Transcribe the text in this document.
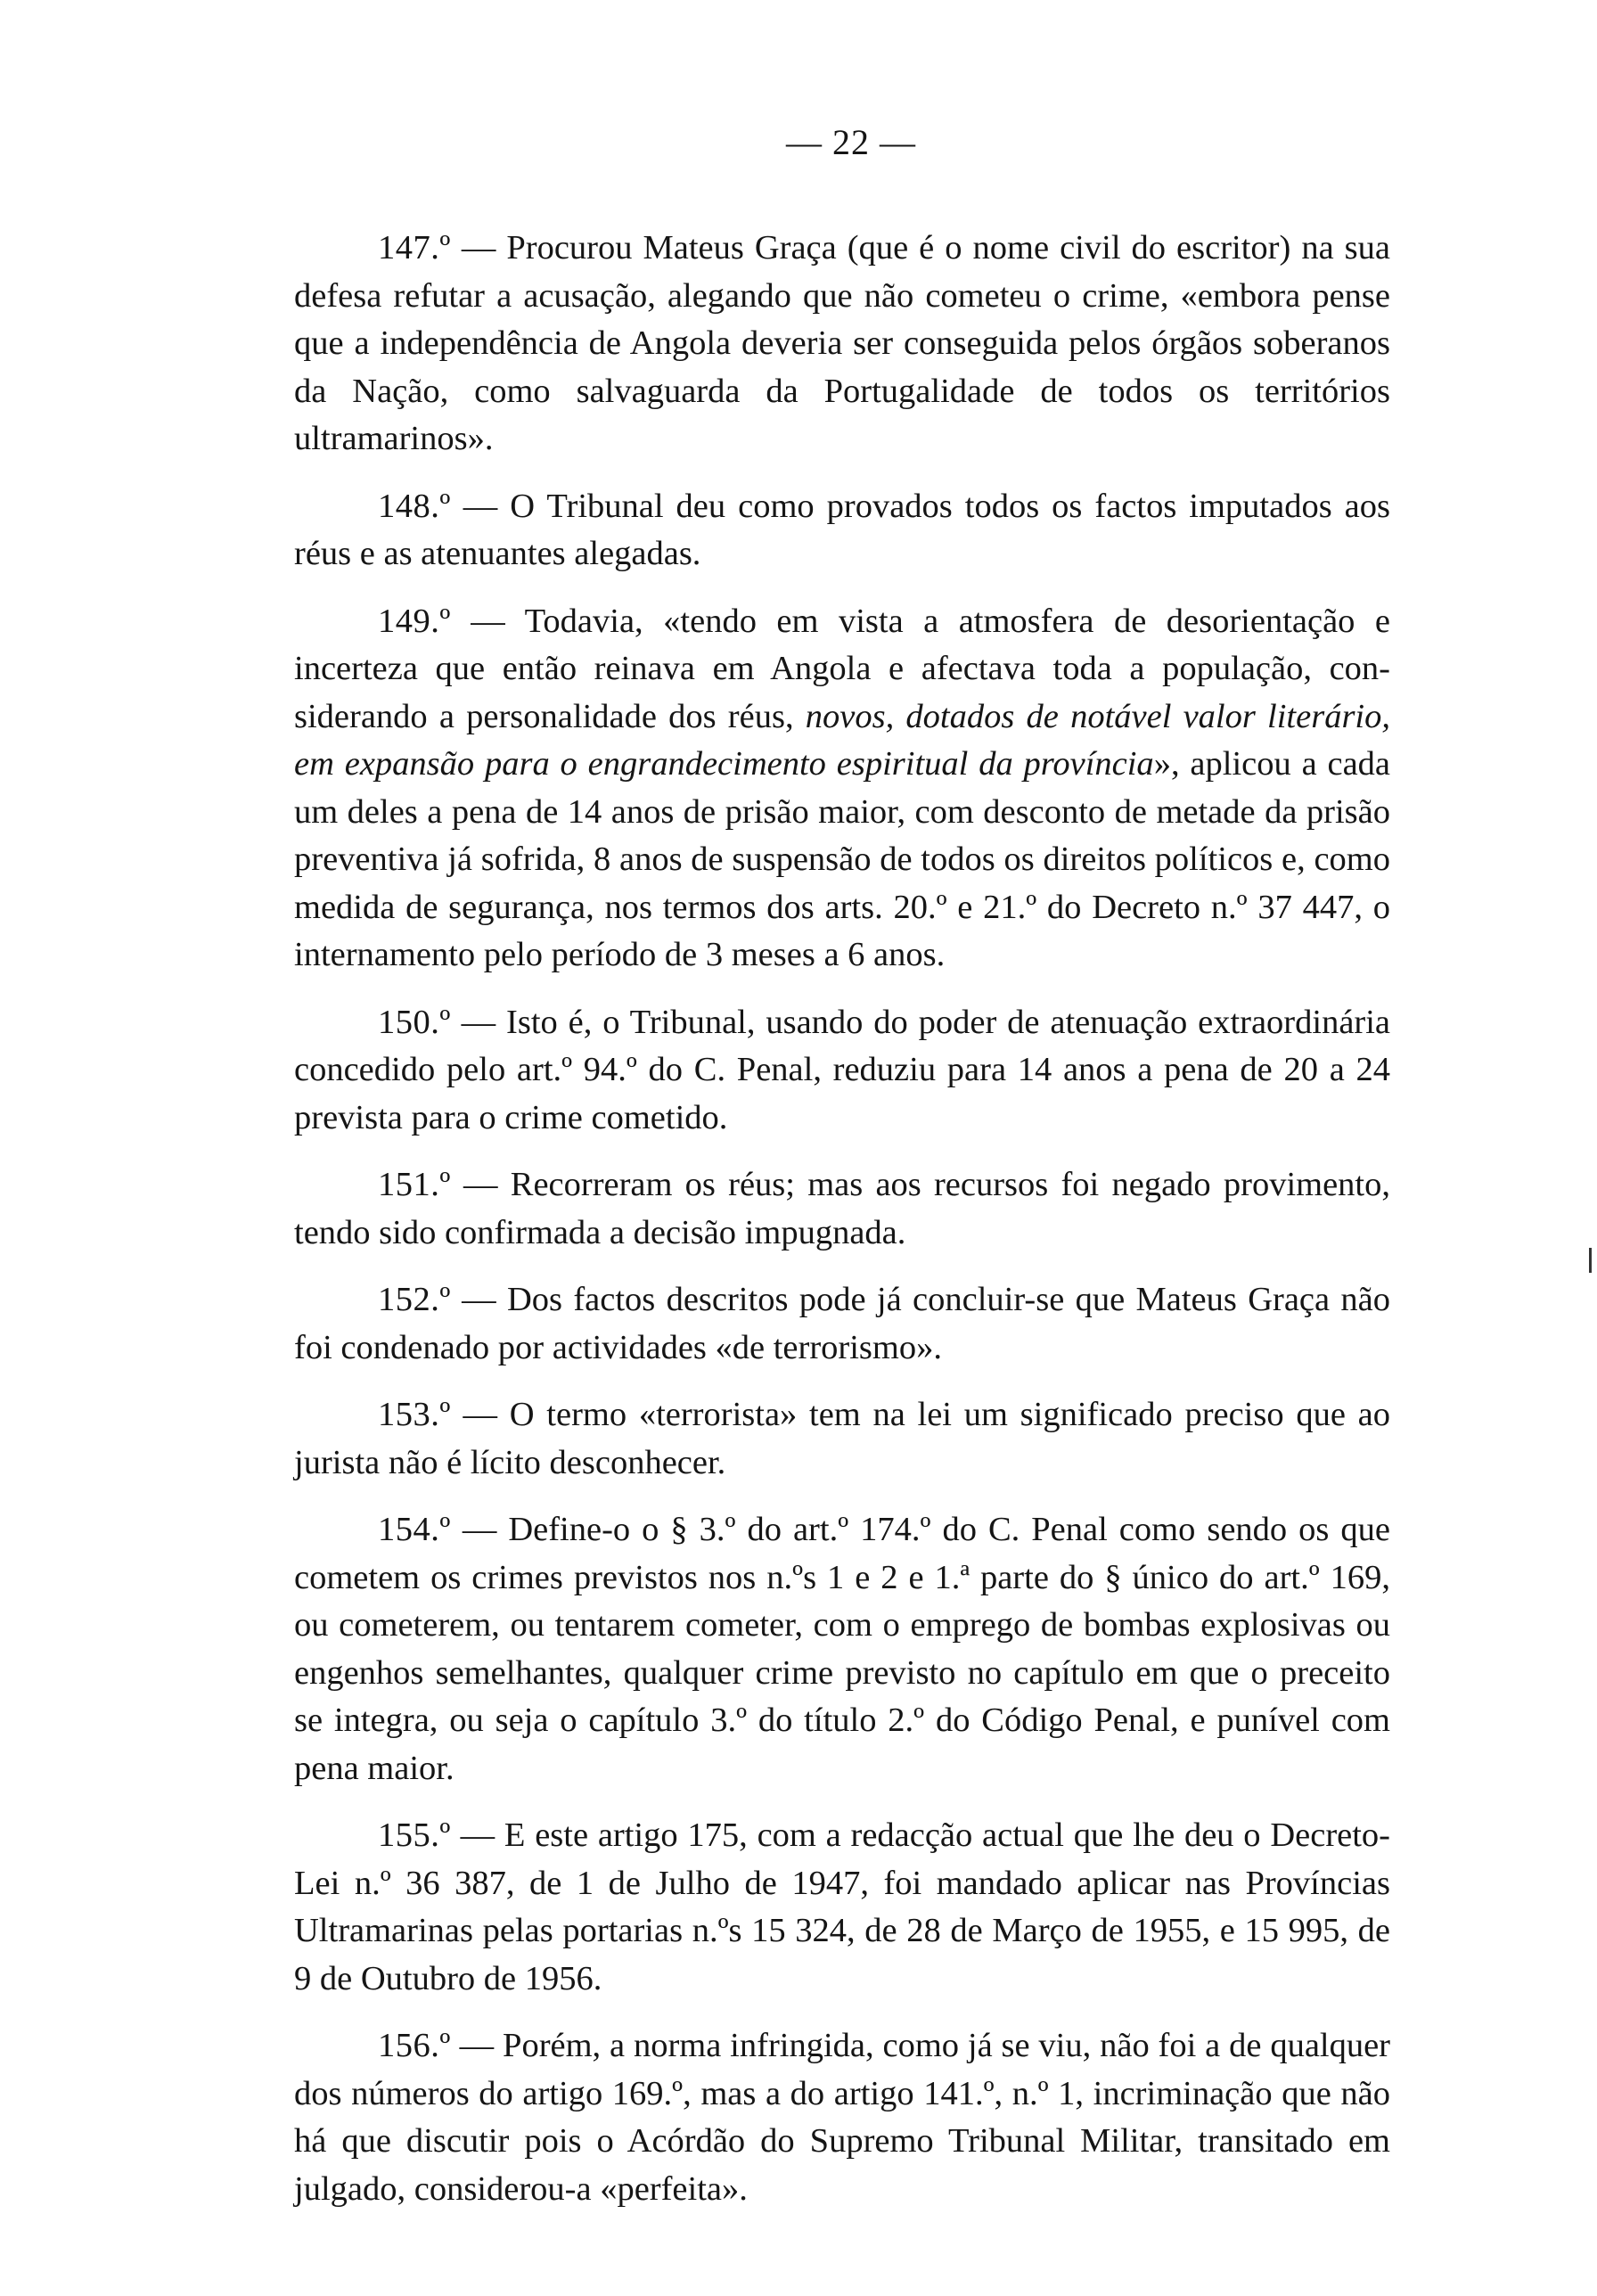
— 22 —

147.º — Procurou Mateus Graça (que é o nome civil do escritor) na sua defesa refutar a acusação, alegando que não cometeu o crime, «embora pense que a independência de Angola deveria ser conseguida pelos órgãos soberanos da Nação, como salvaguarda da Portugalidade de todos os territórios ultramarinos».

148.º — O Tribunal deu como provados todos os factos imputados aos réus e as atenuantes alegadas.

149.º — Todavia, «tendo em vista a atmosfera de desorientação e incerteza que então reinava em Angola e afectava toda a população, considerando a personalidade dos réus, novos, dotados de notável valor literário, em expansão para o engrandecimento espiritual da província», aplicou a cada um deles a pena de 14 anos de prisão maior, com desconto de metade da prisão preventiva já sofrida, 8 anos de suspensão de todos os direitos políticos e, como medida de segurança, nos termos dos arts. 20.º e 21.º do Decreto n.º 37 447, o internamento pelo período de 3 meses a 6 anos.

150.º — Isto é, o Tribunal, usando do poder de atenuação extraordinária concedido pelo art.º 94.º do C. Penal, reduziu para 14 anos a pena de 20 a 24 prevista para o crime cometido.

151.º — Recorreram os réus; mas aos recursos foi negado provimento, tendo sido confirmada a decisão impugnada.

152.º — Dos factos descritos pode já concluir-se que Mateus Graça não foi condenado por actividades «de terrorismo».

153.º — O termo «terrorista» tem na lei um significado preciso que ao jurista não é lícito desconhecer.

154.º — Define-o o § 3.º do art.º 174.º do C. Penal como sendo os que cometem os crimes previstos nos n.ºs 1 e 2 e 1.ª parte do § único do art.º 169, ou cometerem, ou tentarem cometer, com o emprego de bombas explosivas ou engenhos semelhantes, qualquer crime previsto no capítulo em que o preceito se integra, ou seja o capítulo 3.º do título 2.º do Código Penal, e punível com pena maior.

155.º — E este artigo 175, com a redacção actual que lhe deu o Decreto-Lei n.º 36 387, de 1 de Julho de 1947, foi mandado aplicar nas Províncias Ultramarinas pelas portarias n.ºs 15 324, de 28 de Março de 1955, e 15 995, de 9 de Outubro de 1956.

156.º — Porém, a norma infringida, como já se viu, não foi a de qualquer dos números do artigo 169.º, mas a do artigo 141.º, n.º 1, incriminação que não há que discutir pois o Acórdão do Supremo Tribunal Militar, transitado em julgado, considerou-a «perfeita».
